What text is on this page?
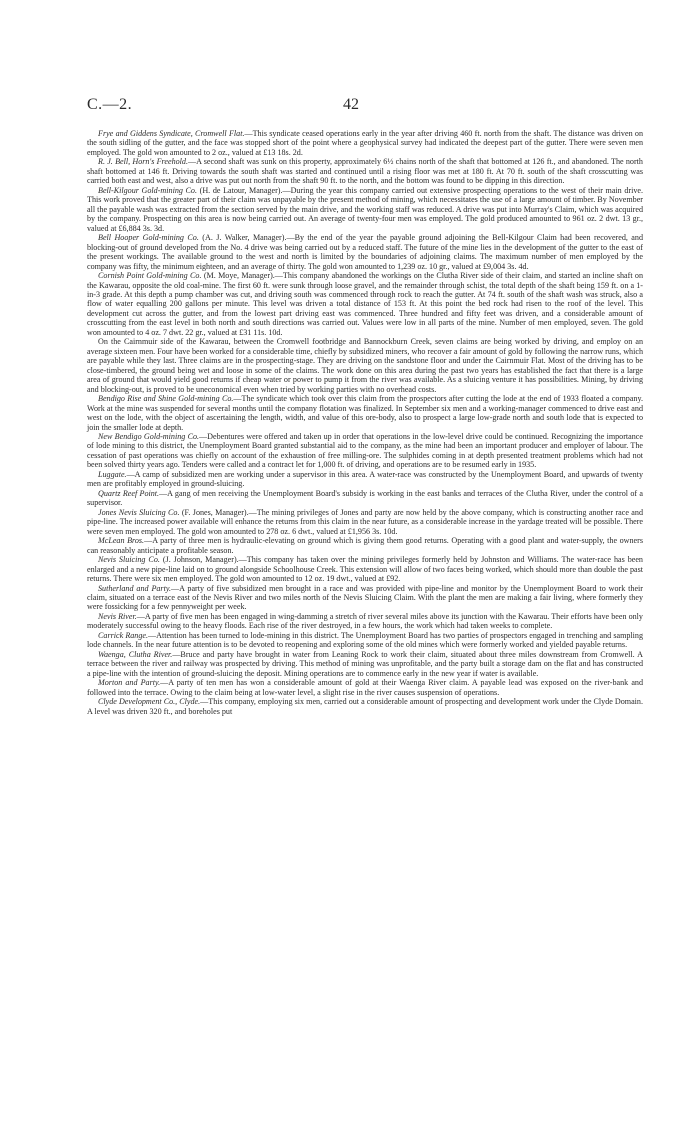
C.—2.	42

Frye and Giddens Syndicate, Cromwell Flat.—This syndicate ceased operations early in the year after driving 460 ft. north from the shaft. The distance was driven on the south sidling of the gutter, and the face was stopped short of the point where a geophysical survey had indicated the deepest part of the gutter. There were seven men employed. The gold won amounted to 2 oz., valued at £13 18s. 2d.

R. J. Bell, Horn's Freehold.—A second shaft was sunk on this property, approximately 6½ chains north of the shaft that bottomed at 126 ft., and abandoned. The north shaft bottomed at 146 ft. Driving towards the south shaft was started and continued until a rising floor was met at 180 ft. At 70 ft. south of the shaft crosscutting was carried both east and west, also a drive was put out north from the shaft 90 ft. to the north, and the bottom was found to be dipping in this direction.

Bell-Kilgour Gold-mining Co. (H. de Latour, Manager).—During the year this company carried out extensive prospecting operations to the west of their main drive. This work proved that the greater part of their claim was unpayable by the present method of mining, which necessitates the use of a large amount of timber. By November all the payable wash was extracted from the section served by the main drive, and the working staff was reduced. A drive was put into Murray's Claim, which was acquired by the company. Prospecting on this area is now being carried out. An average of twenty-four men was employed. The gold produced amounted to 961 oz. 2 dwt. 13 gr., valued at £6,884 3s. 3d.

Bell Hooper Gold-mining Co. (A. J. Walker, Manager).—By the end of the year the payable ground adjoining the Bell-Kilgour Claim had been recovered, and blocking-out of ground developed from the No. 4 drive was being carried out by a reduced staff. The future of the mine lies in the development of the gutter to the east of the present workings. The available ground to the west and north is limited by the boundaries of adjoining claims. The maximum number of men employed by the company was fifty, the minimum eighteen, and an average of thirty. The gold won amounted to 1,239 oz. 10 gr., valued at £9,004 3s. 4d.

Cornish Point Gold-mining Co. (M. Moye, Manager).—This company abandoned the workings on the Clutha River side of their claim, and started an incline shaft on the Kawarau, opposite the old coal-mine. The first 60 ft. were sunk through loose gravel, and the remainder through schist, the total depth of the shaft being 159 ft. on a 1-in-3 grade. At this depth a pump chamber was cut, and driving south was commenced through rock to reach the gutter. At 74 ft. south of the shaft wash was struck, also a flow of water equalling 200 gallons per minute. This level was driven a total distance of 153 ft. At this point the bed rock had risen to the roof of the level. This development cut across the gutter, and from the lowest part driving east was commenced. Three hundred and fifty feet was driven, and a considerable amount of crosscutting from the east level in both north and south directions was carried out. Values were low in all parts of the mine. Number of men employed, seven. The gold won amounted to 4 oz. 7 dwt. 22 gr., valued at £31 11s. 10d.

On the Cairnmuir side of the Kawarau, between the Cromwell footbridge and Bannockburn Creek, seven claims are being worked by driving, and employ on an average sixteen men. Four have been worked for a considerable time, chiefly by subsidized miners, who recover a fair amount of gold by following the narrow runs, which are payable while they last. Three claims are in the prospecting-stage. They are driving on the sandstone floor and under the Cairnmuir Flat. Most of the driving has to be close-timbered, the ground being wet and loose in some of the claims. The work done on this area during the past two years has established the fact that there is a large area of ground that would yield good returns if cheap water or power to pump it from the river was available. As a sluicing venture it has possibilities. Mining, by driving and blocking-out, is proved to be uneconomical even when tried by working parties with no overhead costs.

Bendigo Rise and Shine Gold-mining Co.—The syndicate which took over this claim from the prospectors after cutting the lode at the end of 1933 floated a company. Work at the mine was suspended for several months until the company flotation was finalized. In September six men and a working-manager commenced to drive east and west on the lode, with the object of ascertaining the length, width, and value of this ore-body, also to prospect a large low-grade north and south lode that is expected to join the smaller lode at depth.

New Bendigo Gold-mining Co.—Debentures were offered and taken up in order that operations in the low-level drive could be continued. Recognizing the importance of lode mining to this district, the Unemployment Board granted substantial aid to the company, as the mine had been an important producer and employer of labour. The cessation of past operations was chiefly on account of the exhaustion of free milling-ore. The sulphides coming in at depth presented treatment problems which had not been solved thirty years ago. Tenders were called and a contract let for 1,000 ft. of driving, and operations are to be resumed early in 1935.

Luggate.—A camp of subsidized men are working under a supervisor in this area. A water-race was constructed by the Unemployment Board, and upwards of twenty men are profitably employed in ground-sluicing.

Quartz Reef Point.—A gang of men receiving the Unemployment Board's subsidy is working in the east banks and terraces of the Clutha River, under the control of a supervisor.

Jones Nevis Sluicing Co. (F. Jones, Manager).—The mining privileges of Jones and party are now held by the above company, which is constructing another race and pipe-line. The increased power available will enhance the returns from this claim in the near future, as a considerable increase in the yardage treated will be possible. There were seven men employed. The gold won amounted to 278 oz. 6 dwt., valued at £1,956 3s. 10d.

McLean Bros.—A party of three men is hydraulic-elevating on ground which is giving them good returns. Operating with a good plant and water-supply, the owners can reasonably anticipate a profitable season.

Nevis Sluicing Co. (J. Johnson, Manager).—This company has taken over the mining privileges formerly held by Johnston and Williams. The water-race has been enlarged and a new pipe-line laid on to ground alongside Schoolhouse Creek. This extension will allow of two faces being worked, which should more than double the past returns. There were six men employed. The gold won amounted to 12 oz. 19 dwt., valued at £92.

Sutherland and Party.—A party of five subsidized men brought in a race and was provided with pipe-line and monitor by the Unemployment Board to work their claim, situated on a terrace east of the Nevis River and two miles north of the Nevis Sluicing Claim. With the plant the men are making a fair living, where formerly they were fossicking for a few pennyweight per week.

Nevis River.—A party of five men has been engaged in wing-damming a stretch of river several miles above its junction with the Kawarau. Their efforts have been only moderately successful owing to the heavy floods. Each rise of the river destroyed, in a few hours, the work which had taken weeks to complete.

Carrick Range.—Attention has been turned to lode-mining in this district. The Unemployment Board has two parties of prospectors engaged in trenching and sampling lode channels. In the near future attention is to be devoted to reopening and exploring some of the old mines which were formerly worked and yielded payable returns.

Waenga, Clutha River.—Bruce and party have brought in water from Leaning Rock to work their claim, situated about three miles downstream from Cromwell. A terrace between the river and railway was prospected by driving. This method of mining was unprofitable, and the party built a storage dam on the flat and has constructed a pipe-line with the intention of ground-sluicing the deposit. Mining operations are to commence early in the new year if water is available.

Morton and Party.—A party of ten men has won a considerable amount of gold at their Waenga River claim. A payable lead was exposed on the river-bank and followed into the terrace. Owing to the claim being at low-water level, a slight rise in the river causes suspension of operations.

Clyde Development Co., Clyde.—This company, employing six men, carried out a considerable amount of prospecting and development work under the Clyde Domain. A level was driven 320 ft., and boreholes put
